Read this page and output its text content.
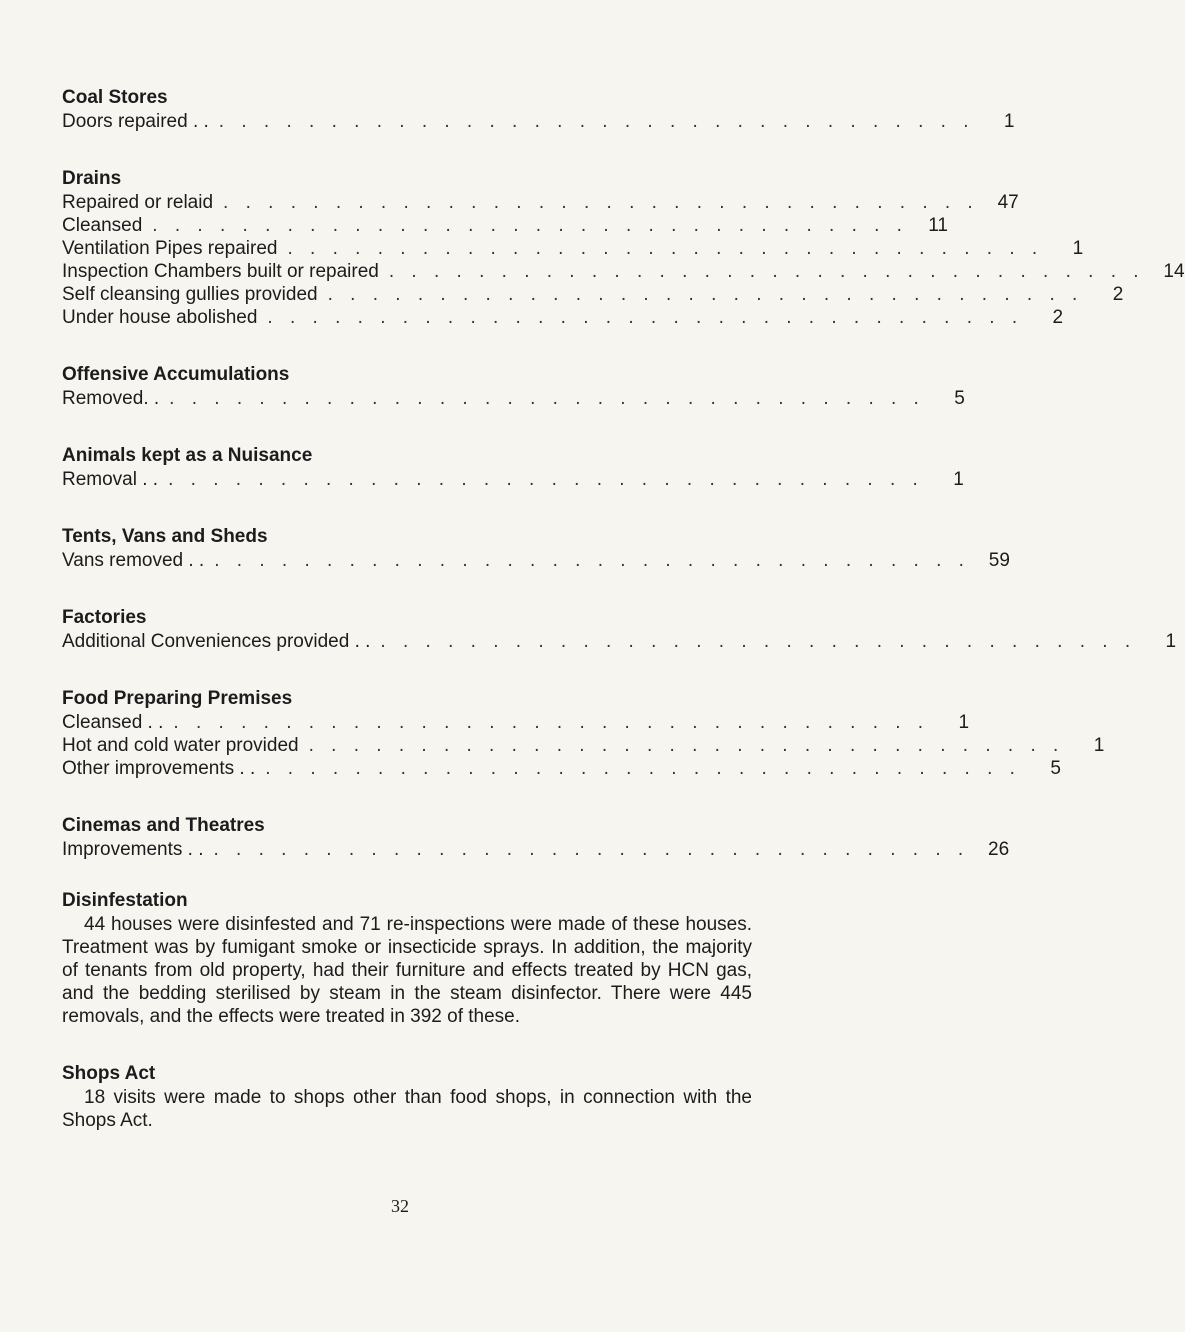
Coal Stores

Doors repaired . . . . . . . . . . . . . . . . . . . . . . . . . . . . . . . . . . . .	1

Drains

Repaired or relaid . . . . . . . . . . . . . . . . . . . . . . . . . . . . . . . . . . 47
Cleansed . . . . . . . . . . . . . . . . . . . . . . . . . . . . . . . . . .	11
Ventilation Pipes repaired . . . . . . . . . . . . . . . . . . . . . . . . . . . . . . . . . .	1
Inspection Chambers built or repaired . . . . . . . . . . . . . . . . . . . . . . . . . . . . . . . . . . 14
Self cleansing gullies provided . . . . . . . . . . . . . . . . . . . . . . . . . . . . . . . . . .	2
Under house abolished . . . . . . . . . . . . . . . . . . . . . . . . . . . . . . . . . .	2

Offensive Accumulations

Removed. . . . . . . . . . . . . . . . . . . . . . . . . . . . . . . . . . . .	5

Animals kept as a Nuisance

Removal . . . . . . . . . . . . . . . . . . . . . . . . . . . . . . . . . . . .	1

Tents, Vans and Sheds

Vans removed . . . . . . . . . . . . . . . . . . . . . . . . . . . . . . . . . . . . 59

Factories

Additional Conveniences provided . . . . . . . . . . . . . . . . . . . . . . . . . . . . . . . . . . . .	1

Food Preparing Premises

Cleansed . . . . . . . . . . . . . . . . . . . . . . . . . . . . . . . . . . . .	1
Hot and cold water provided . . . . . . . . . . . . . . . . . . . . . . . . . . . . . . . . . .	1
Other improvements . . . . . . . . . . . . . . . . . . . . . . . . . . . . . . . . . . . .	5

Cinemas and Theatres

Improvements . . . . . . . . . . . . . . . . . . . . . . . . . . . . . . . . . . . . 26

Disinfestation

44 houses were disinfested and 71 re-inspections were made of these houses. Treatment was by fumigant smoke or insecticide sprays. In addition, the majority of tenants from old property, had their furniture and effects treated by HCN gas, and the bedding sterilised by steam in the steam disinfector. There were 445 removals, and the effects were treated in 392 of these.

Shops Act

18 visits were made to shops other than food shops, in connection with the Shops Act.

32
